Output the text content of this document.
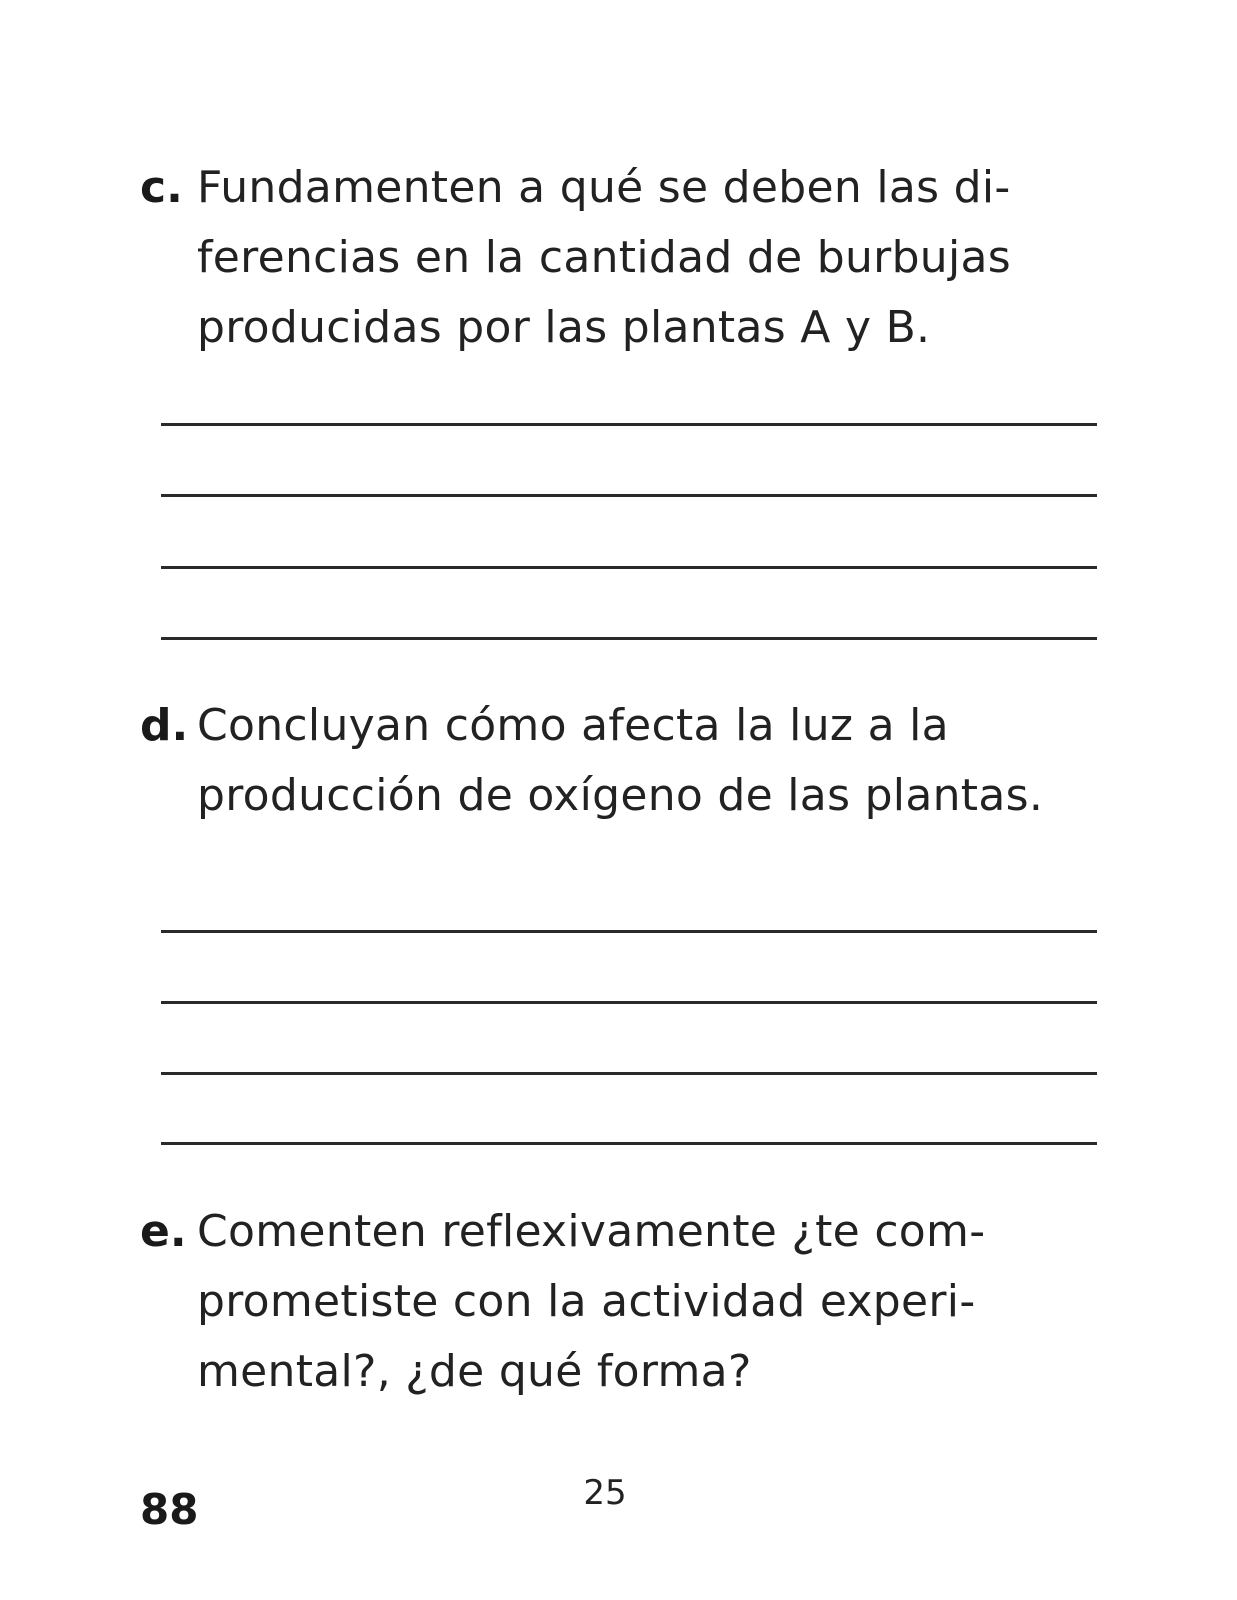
c. Fundamenten a qué se deben las di-
ferencias en la cantidad de burbujas
producidas por las plantas A y B.
d. Concluyan cómo afecta la luz a la
producción de oxígeno de las plantas.
e. Comenten reflexivamente ¿te com-
prometiste con la actividad experi-
mental?, ¿de qué forma?
88	25
